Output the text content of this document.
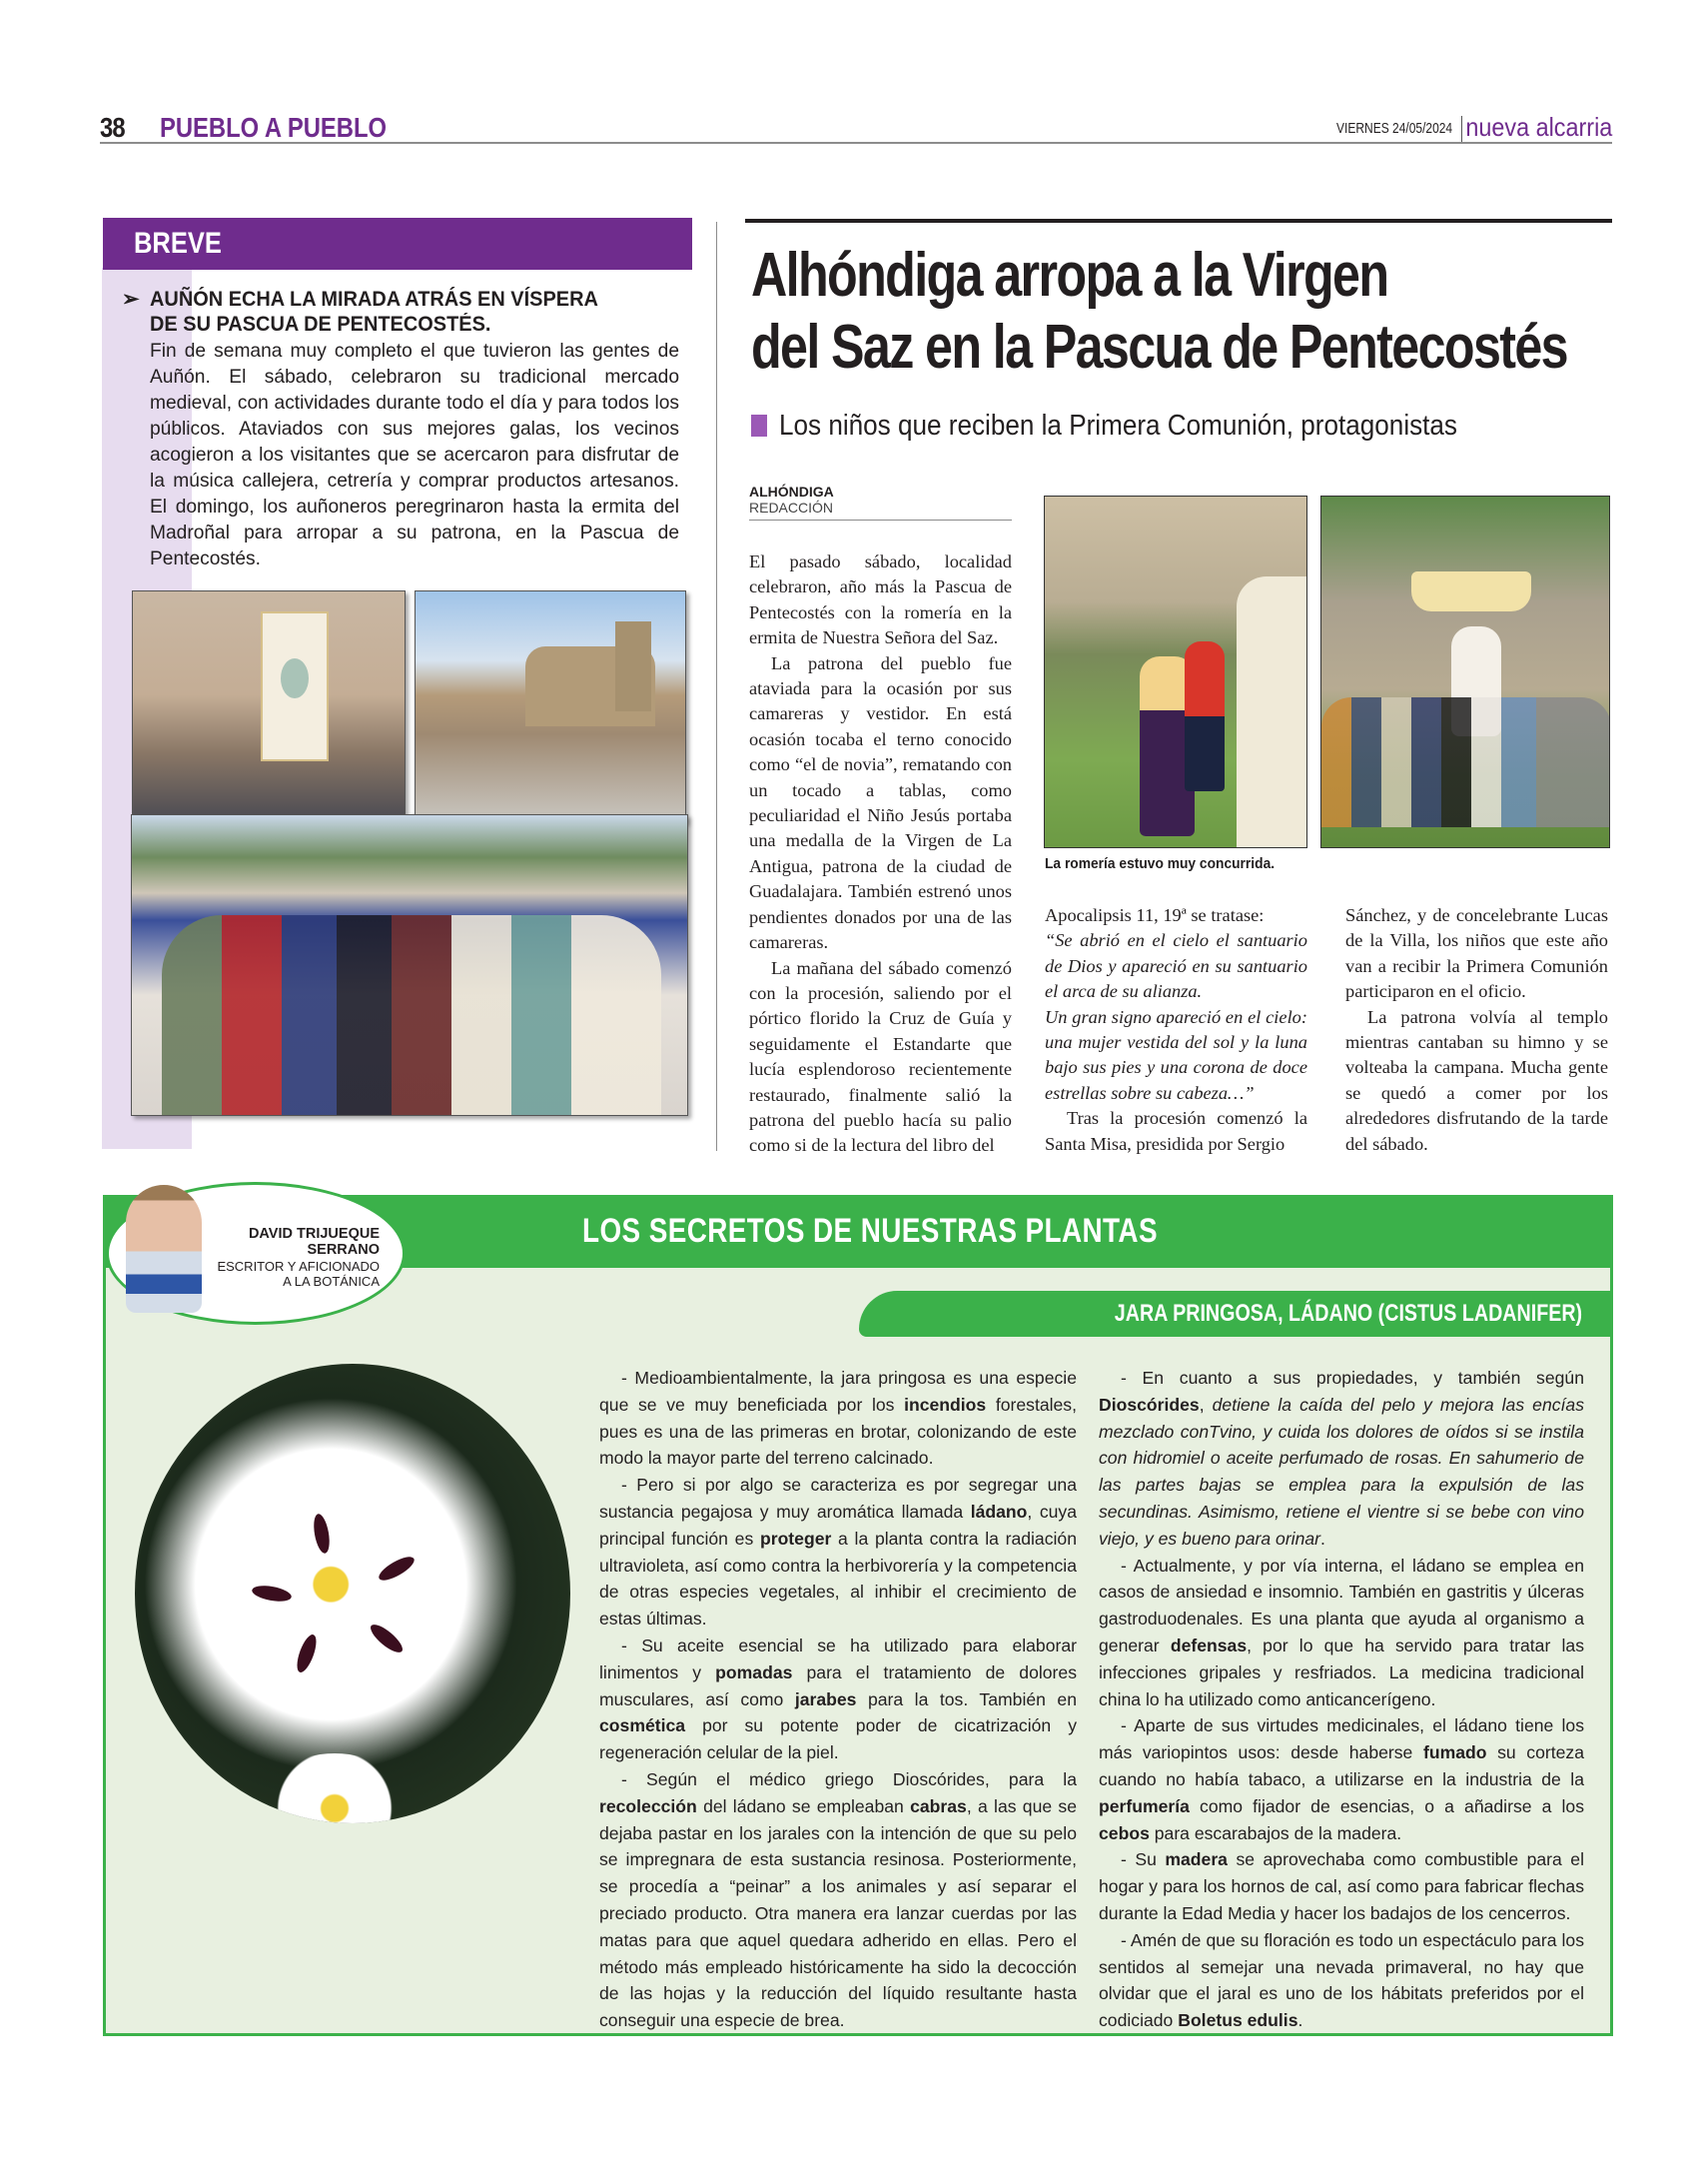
38 PUEBLO A PUEBLO	VIERNES 24/05/2024 nueva alcarria
BREVE
➢ AUÑÓN ECHA LA MIRADA ATRÁS EN VÍSPERA
DE SU PASCUA DE PENTECOSTÉS.
Fin de semana muy completo el que tuvieron las gentes de Auñón. El sábado, celebraron su tradicional mercado medieval, con actividades durante todo el día y para todos los públicos. Ataviados con sus mejores galas, los vecinos acogieron a los visitantes que se acercaron para disfrutar de la música callejera, cetrería y comprar productos artesanos. El domingo, los auñoneros peregrinaron hasta la ermita del Madroñal para arropar a su patrona, en la Pascua de Pentecostés.
Alhóndiga arropa a la Virgen
del Saz en la Pascua de Pentecostés
Los niños que reciben la Primera Comunión, protagonistas
ALHÓNDIGA
REDACCIÓN

El pasado sábado, localidad celebraron, año más la Pascua de Pentecostés con la romería en la ermita de Nuestra Señora del Saz.

La patrona del pueblo fue ataviada para la ocasión por sus camareras y vestidor. En está ocasión tocaba el terno conocido como “el de novia”, rematando con un tocado a tablas, como peculiaridad el Niño Jesús portaba una medalla de la Virgen de La Antigua, patrona de la ciudad de Guadalajara. También estrenó unos pendientes donados por una de las camareras.

La mañana del sábado comenzó con la procesión, saliendo por el pórtico florido la Cruz de Guía y seguidamente el Estandarte que lucía esplendoroso recientemente restaurado, finalmente salió la patrona del pueblo hacía su palio como si de la lectura del libro del

La romería estuvo muy concurrida.

Apocalipsis 11, 19ª se tratase:

“Se abrió en el cielo el santuario de Dios y apareció en su santuario el arca de su alianza.
Un gran signo apareció en el cielo: una mujer vestida del sol y la luna bajo sus pies y una corona de doce estrellas sobre su cabeza…”

Tras la procesión comenzó la Santa Misa, presidida por Sergio

Sánchez, y de concelebrante Lucas de la Villa, los niños que este año van a recibir la Primera Comunión participaron en el oficio.

La patrona volvía al templo mientras cantaban su himno y se volteaba la campana. Mucha gente se quedó a comer por los alrededores disfrutando de la tarde del sábado.

LOS SECRETOS DE NUESTRAS PLANTAS
JARA PRINGOSA, LÁDANO (CISTUS LADANIFER)
DAVID TRIJUEQUE
SERRANO
ESCRITOR Y AFICIONADO
A LA BOTÁNICA

- Medioambientalmente, la jara pringosa es una especie que se ve muy beneficiada por los incendios forestales, pues es una de las primeras en brotar, colonizando de este modo la mayor parte del terreno calcinado.

- Pero si por algo se caracteriza es por segregar una sustancia pegajosa y muy aromática llamada ládano, cuya principal función es proteger a la planta contra la radiación ultravioleta, así como contra la herbivorería y la competencia de otras especies vegetales, al inhibir el crecimiento de estas últimas.

- Su aceite esencial se ha utilizado para elaborar linimentos y pomadas para el tratamiento de dolores musculares, así como jarabes para la tos. También en cosmética por su potente poder de cicatrización y regeneración celular de la piel.

- Según el médico griego Dioscórides, para la recolección del ládano se empleaban cabras, a las que se dejaba pastar en los jarales con la intención de que su pelo se impregnara de esta sustancia resinosa. Posteriormente, se procedía a “peinar” a los animales y así separar el preciado producto. Otra manera era lanzar cuerdas por las matas para que aquel quedara adherido en ellas. Pero el método más empleado históricamente ha sido la decocción de las hojas y la reducción del líquido resultante hasta conseguir una especie de brea.

- En cuanto a sus propiedades, y también según Dioscórides, detiene la caída del pelo y mejora las encías mezclado conTvino, y cuida los dolores de oídos si se instila con hidromiel o aceite perfumado de rosas. En sahumerio de las partes bajas se emplea para la expulsión de las secundinas. Asimismo, retiene el vientre si se bebe con vino viejo, y es bueno para orinar.

- Actualmente, y por vía interna, el ládano se emplea en casos de ansiedad e insomnio. También en gastritis y úlceras gastroduodenales. Es una planta que ayuda al organismo a generar defensas, por lo que ha servido para tratar las infecciones gripales y resfriados. La medicina tradicional china lo ha utilizado como anticancerígeno.

- Aparte de sus virtudes medicinales, el ládano tiene los más variopintos usos: desde haberse fumado su corteza cuando no había tabaco, a utilizarse en la industria de la perfumería como fijador de esencias, o a añadirse a los cebos para escarabajos de la madera.

- Su madera se aprovechaba como combustible para el hogar y para los hornos de cal, así como para fabricar flechas durante la Edad Media y hacer los badajos de los cencerros.

- Amén de que su floración es todo un espectáculo para los sentidos al semejar una nevada primaveral, no hay que olvidar que el jaral es uno de los hábitats preferidos por el codiciado Boletus edulis.
